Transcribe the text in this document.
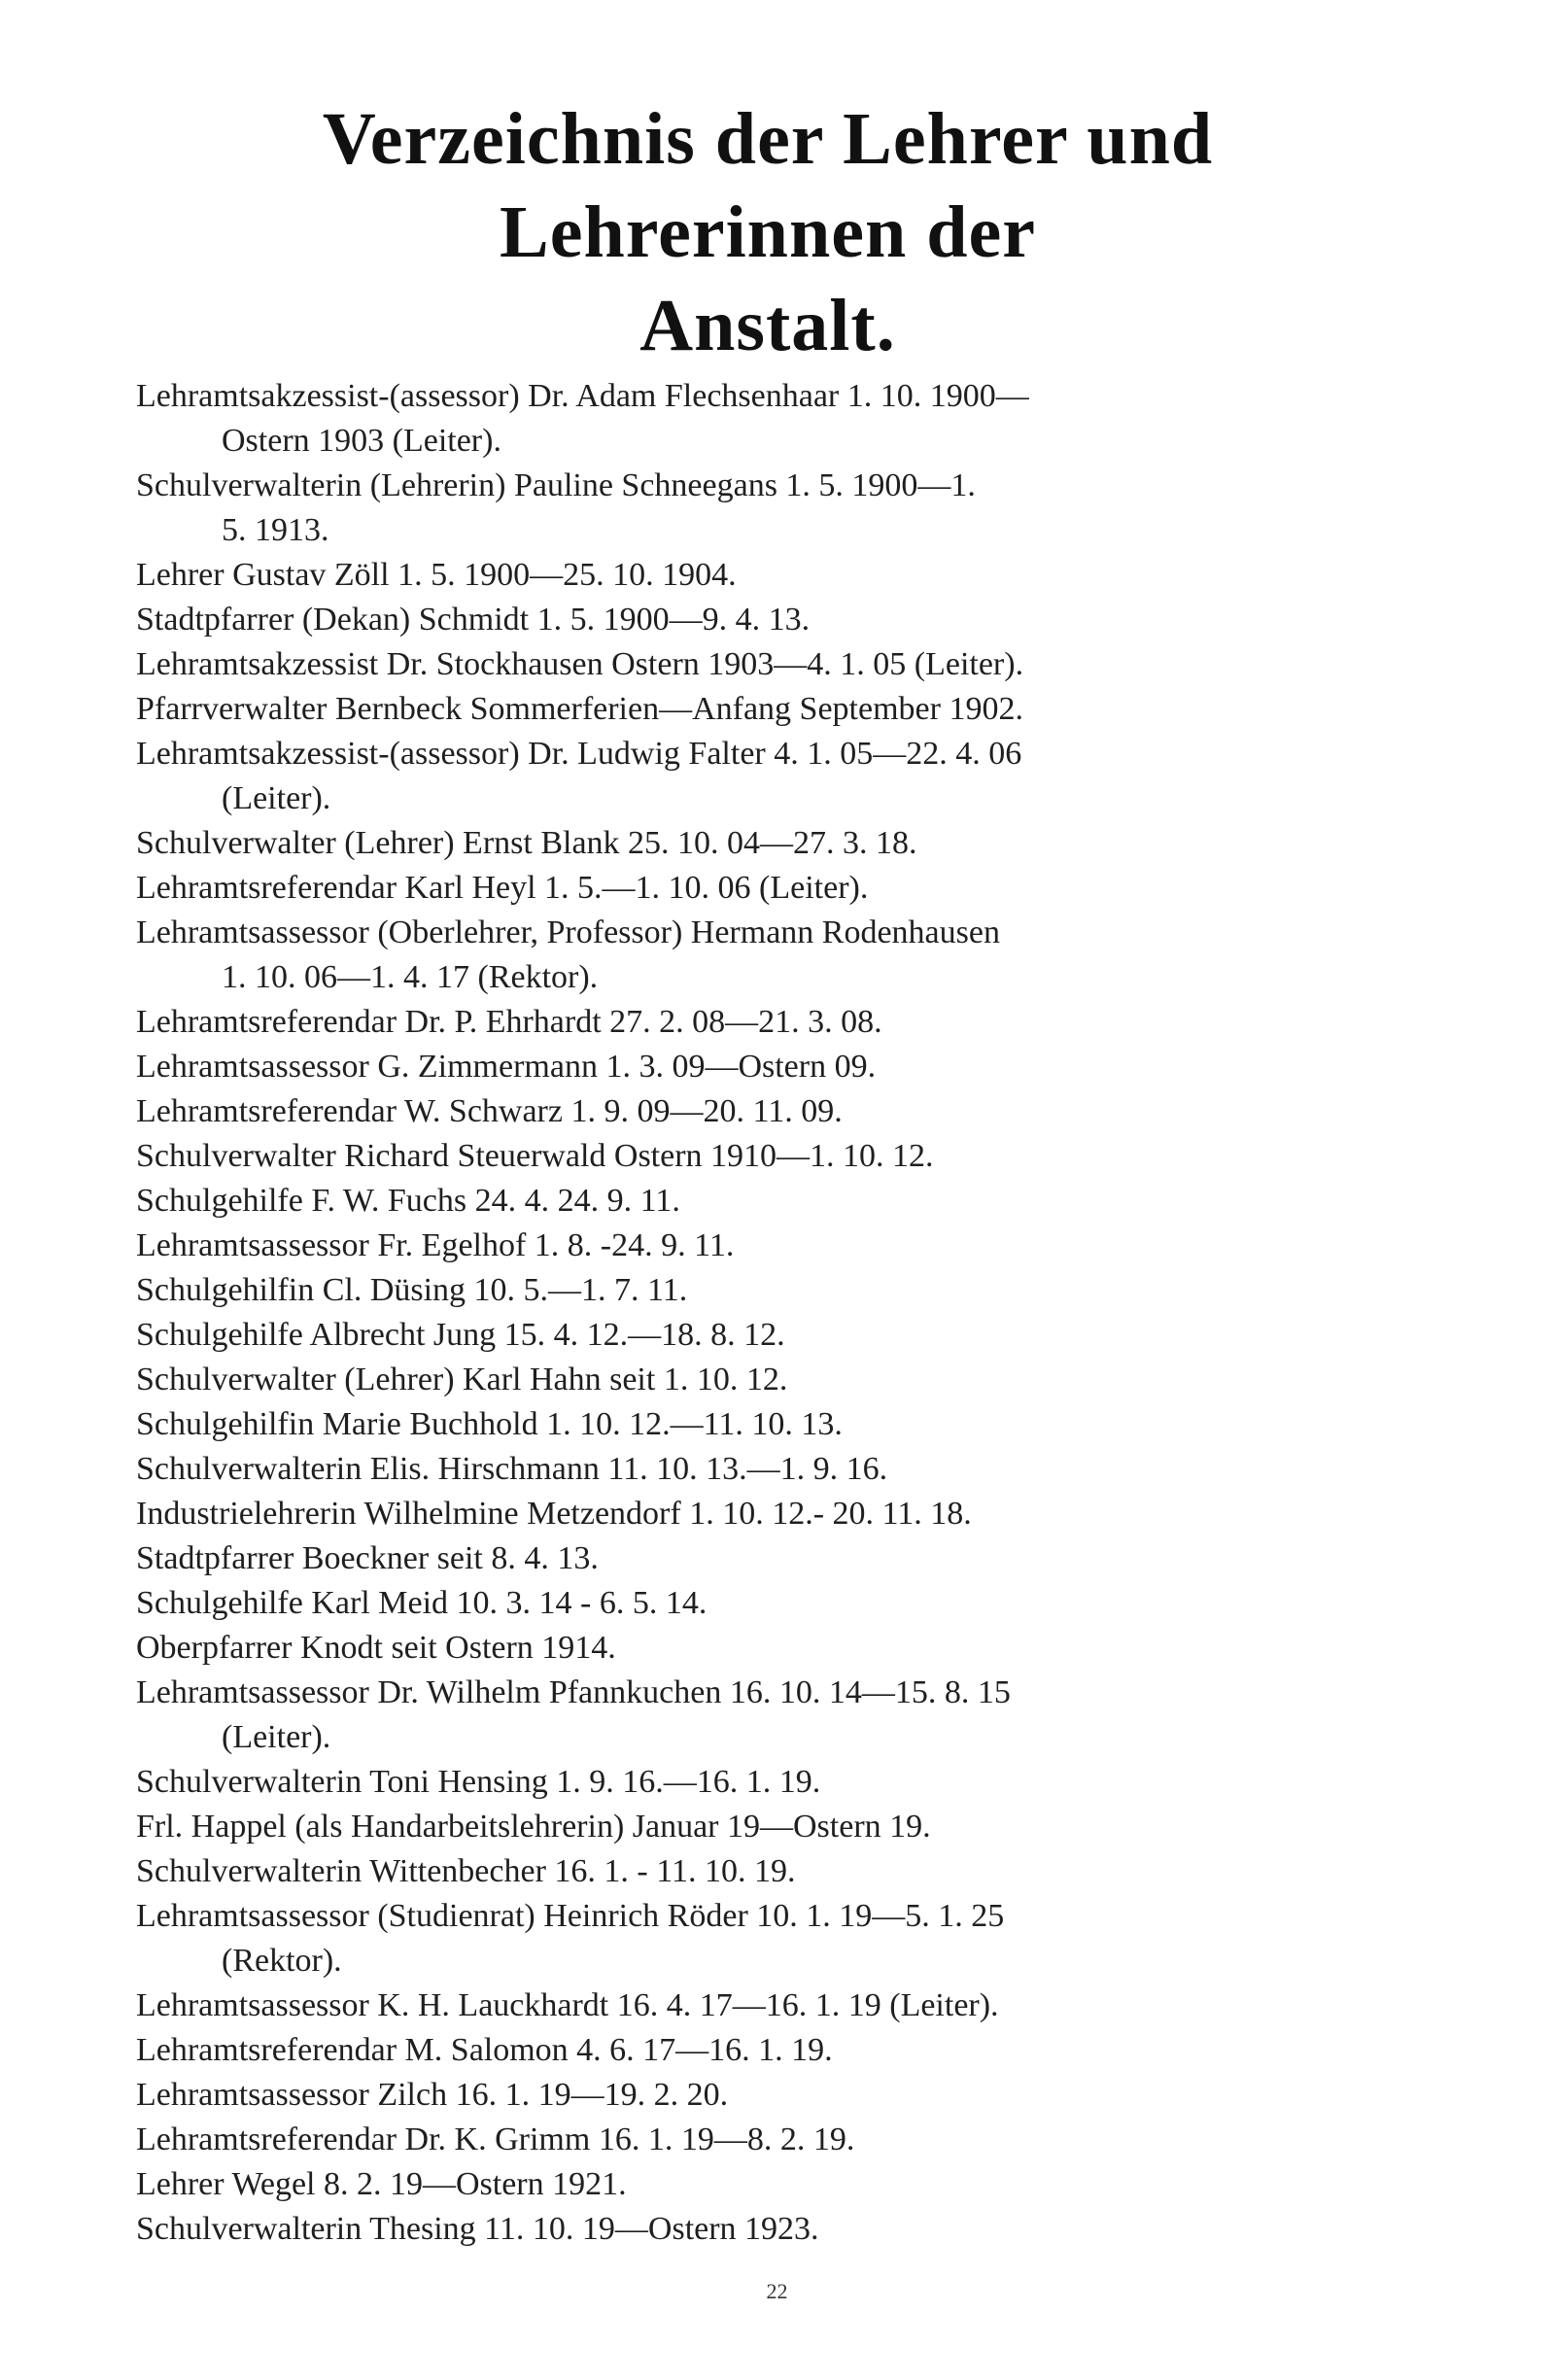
Verzeichnis der Lehrer und Lehrerinnen der
Anstalt.

Lehramtsakzessist-(assessor) Dr. Adam Flechsenhaar 1. 10. 1900—
Ostern 1903 (Leiter).

Schulverwalterin (Lehrerin) Pauline Schneegans 1. 5. 1900—1.
5. 1913.

Lehrer Gustav Zöll 1. 5. 1900—25. 10. 1904.

Stadtpfarrer (Dekan) Schmidt 1. 5. 1900—9. 4. 13.

Lehramtsakzessist Dr. Stockhausen Ostern 1903—4. 1. 05 (Leiter).

Pfarrverwalter Bernbeck Sommerferien—Anfang September 1902.

Lehramtsakzessist-(assessor) Dr. Ludwig Falter 4. 1. 05—22. 4. 06
(Leiter).

Schulverwalter (Lehrer) Ernst Blank 25. 10. 04—27. 3. 18.

Lehramtsreferendar Karl Heyl 1. 5.—1. 10. 06 (Leiter).

Lehramtsassessor (Oberlehrer, Professor) Hermann Rodenhausen
1. 10. 06—1. 4. 17 (Rektor).

Lehramtsreferendar Dr. P. Ehrhardt 27. 2. 08—21. 3. 08.

Lehramtsassessor G. Zimmermann 1. 3. 09—Ostern 09.

Lehramtsreferendar W. Schwarz 1. 9. 09—20. 11. 09.

Schulverwalter Richard Steuerwald Ostern 1910—1. 10. 12.

Schulgehilfe F. W. Fuchs 24. 4. 24. 9. 11.

Lehramtsassessor Fr. Egelhof 1. 8. -24. 9. 11.

Schulgehilfin Cl. Düsing 10. 5.—1. 7. 11.

Schulgehilfe Albrecht Jung 15. 4. 12.—18. 8. 12.

Schulverwalter (Lehrer) Karl Hahn seit 1. 10. 12.

Schulgehilfin Marie Buchhold 1. 10. 12.—11. 10. 13.

Schulverwalterin Elis. Hirschmann 11. 10. 13.—1. 9. 16.

Industrielehrerin Wilhelmine Metzendorf 1. 10. 12.- 20. 11. 18.

Stadtpfarrer Boeckner seit 8. 4. 13.

Schulgehilfe Karl Meid 10. 3. 14 - 6. 5. 14.

Oberpfarrer Knodt seit Ostern 1914.

Lehramtsassessor Dr. Wilhelm Pfannkuchen 16. 10. 14—15. 8. 15
(Leiter).

Schulverwalterin Toni Hensing 1. 9. 16.—16. 1. 19.

Frl. Happel (als Handarbeitslehrerin) Januar 19—Ostern 19.

Schulverwalterin Wittenbecher 16. 1. - 11. 10. 19.

Lehramtsassessor (Studienrat) Heinrich Röder 10. 1. 19—5. 1. 25
(Rektor).

Lehramtsassessor K. H. Lauckhardt 16. 4. 17—16. 1. 19 (Leiter).

Lehramtsreferendar M. Salomon 4. 6. 17—16. 1. 19.

Lehramtsassessor Zilch 16. 1. 19—19. 2. 20.

Lehramtsreferendar Dr. K. Grimm 16. 1. 19—8. 2. 19.

Lehrer Wegel 8. 2. 19—Ostern 1921.

Schulverwalterin Thesing 11. 10. 19—Ostern 1923.

22
